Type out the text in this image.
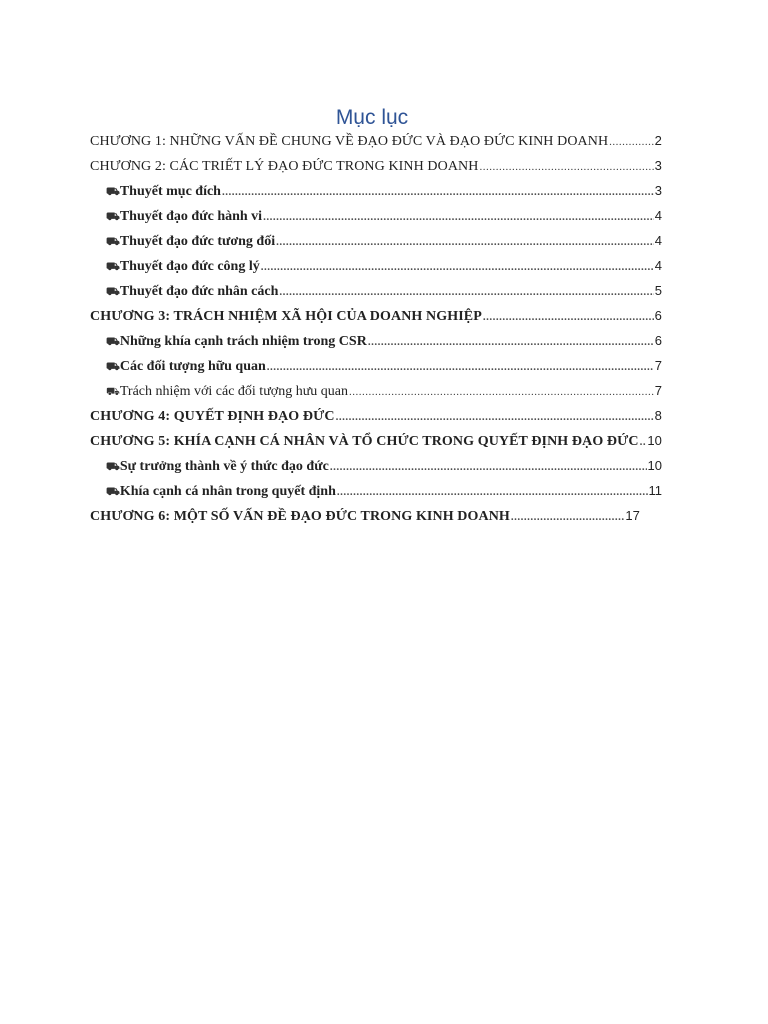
Mục lục
CHƯƠNG 1: NHỮNG VẤN ĐỀ CHUNG VỀ ĐẠO ĐỨC VÀ ĐẠO ĐỨC KINH DOANH .....	2
CHƯƠNG 2: CÁC TRIẾT LÝ ĐẠO ĐỨC TRONG KINH DOANH .....	3
⛟ Thuyết mục đích .....	3
⛟ Thuyết đạo đức hành vi .....	4
⛟ Thuyết đạo đức tương đối .....	4
⛟ Thuyết đạo đức công lý .....	4
⛟ Thuyết đạo đức nhân cách .....	5
CHƯƠNG 3: TRÁCH NHIỆM XÃ HỘI CỦA DOANH NGHIỆP .....	6
⛟ Những khía cạnh trách nhiệm trong CSR .....	6
⛟ Các đối tượng hữu quan .....	7
⛟ Trách nhiệm với các đối tượng hưu quan .....	7
CHƯƠNG 4: QUYẾT ĐỊNH ĐẠO ĐỨC .....	8
CHƯƠNG 5: KHÍA CẠNH CÁ NHÂN VÀ TỔ CHỨC TRONG QUYẾT ĐỊNH ĐẠO ĐỨC ..... 10
⛟ Sự trưởng thành về ý thức đạo đức .....	10
⛟ Khía cạnh cá nhân trong quyết định .....	11
CHƯƠNG 6: MỘT SỐ VẤN ĐỀ ĐẠO ĐỨC TRONG KINH DOANH .....	17
